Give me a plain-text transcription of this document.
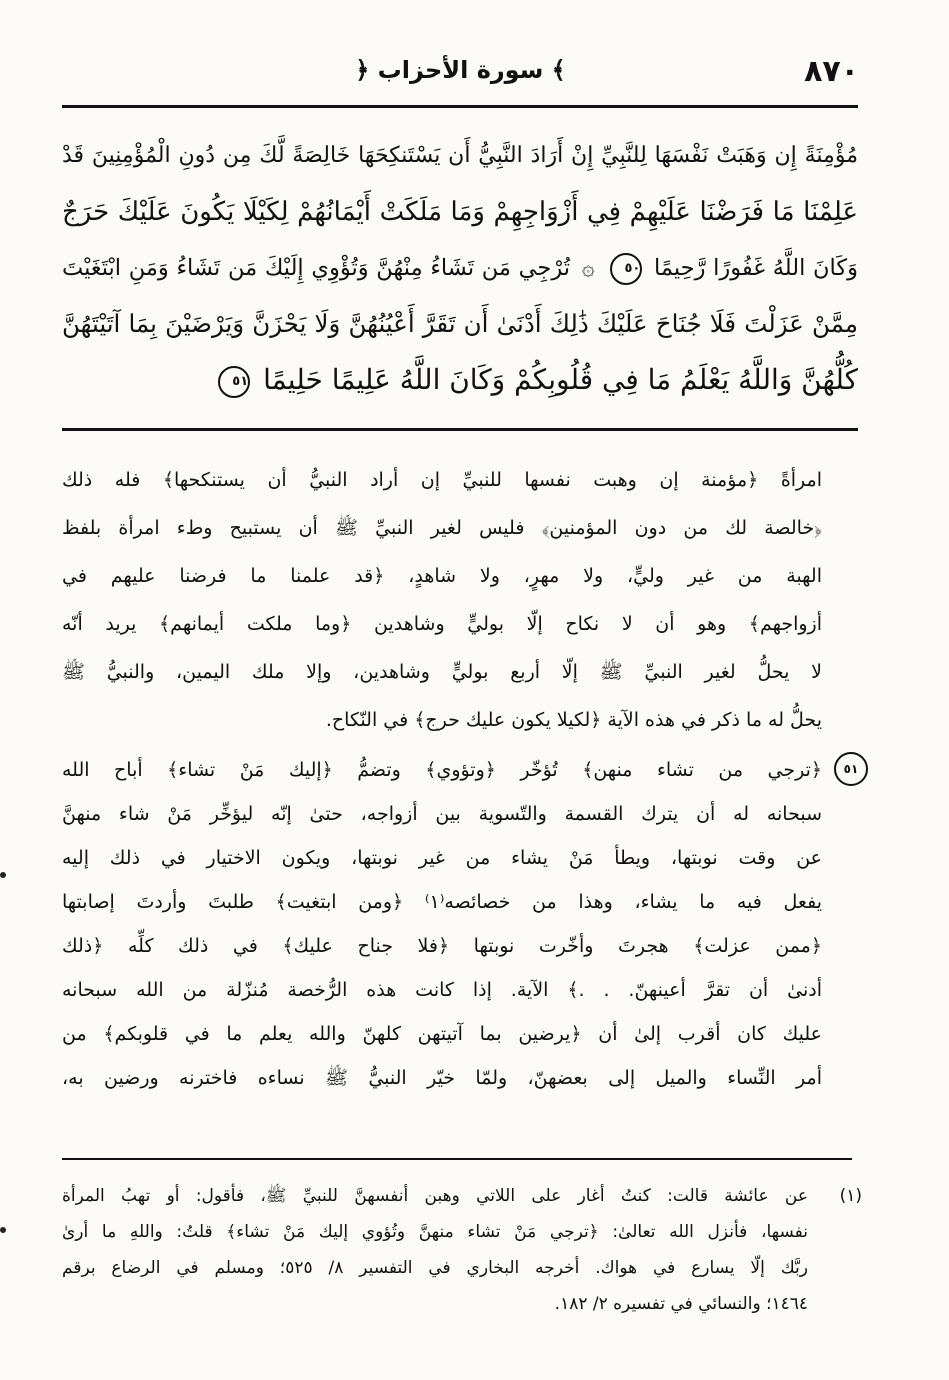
﴿ سورة الأحزاب ﴾	٨٧٠
مُؤْمِنَةً إِن وَهَبَتْ نَفْسَهَا لِلنَّبِيِّ إِنْ أَرَادَ النَّبِيُّ أَن يَسْتَنكِحَهَا خَالِصَةً لَّكَ مِن دُونِ الْمُؤْمِنِينَ قَدْ
عَلِمْنَا مَا فَرَضْنَا عَلَيْهِمْ فِي أَزْوَاجِهِمْ وَمَا مَلَكَتْ أَيْمَانُهُمْ لِكَيْلَا يَكُونَ عَلَيْكَ حَرَجٌ
وَكَانَ اللَّهُ غَفُورًا رَّحِيمًا ٥٠ ۞ تُرْجِي مَن تَشَاءُ مِنْهُنَّ وَتُؤْوِي إِلَيْكَ مَن تَشَاءُ وَمَنِ ابْتَغَيْتَ
مِمَّنْ عَزَلْتَ فَلَا جُنَاحَ عَلَيْكَ ذَٰلِكَ أَدْنَىٰ أَن تَقَرَّ أَعْيُنُهُنَّ وَلَا يَحْزَنَّ وَيَرْضَيْنَ بِمَا آتَيْتَهُنَّ
كُلُّهُنَّ وَاللَّهُ يَعْلَمُ مَا فِي قُلُوبِكُمْ وَكَانَ اللَّهُ عَلِيمًا حَلِيمًا ٥١
امرأةً ﴿مؤمنة إن وهبت نفسها للنبيِّ إن أراد النبيُّ أن يستنكحها﴾ فله ذلك
﴿خالصة لك من دون المؤمنين﴾ فليس لغير النبيِّ ﷺ أن يستبيح وطء امرأة بلفظ
الهبة من غير وليٍّ، ولا مهرٍ، ولا شاهدٍ، ﴿قد علمنا ما فرضنا عليهم في
أزواجهم﴾ وهو أن لا نكاح إلّا بوليٍّ وشاهدين ﴿وما ملكت أيمانهم﴾ يريد أنّه
لا يحلُّ لغير النبيِّ ﷺ إلّا أربع بوليٍّ وشاهدين، وإلا ملك اليمين، والنبيُّ ﷺ
يحلُّ له ما ذكر في هذه الآية ﴿لكيلا يكون عليك حرج﴾ في النّكاح.
٥١
﴿ترجي من تشاء منهن﴾ تُؤخّر ﴿وتؤوي﴾ وتضمُّ ﴿إليك مَنْ تشاء﴾ أباح الله
سبحانه له أن يترك القسمة والتّسوية بين أزواجه، حتىٰ إنّه ليؤخِّر مَنْ شاء منهنَّ
عن وقت نوبتها، ويطأ مَنْ يشاء من غير نوبتها، ويكون الاختيار في ذلك إليه
يفعل فيه ما يشاء، وهذا من خصائصه⁽١⁾ ﴿ومن ابتغيت﴾ طلبتَ وأردتَ إصابتها
﴿ممن عزلت﴾ هجرتَ وأخّرت نوبتها ﴿فلا جناح عليك﴾ في ذلك كلِّه ﴿ذلك
أدنىٰ أن تقرَّ أعينهنّ. . .﴾ الآية. إذا كانت هذه الرُّخصة مُنزّلة من الله سبحانه
عليك كان أقرب إلىٰ أن ﴿يرضين بما آتيتهن كلهنّ والله يعلم ما في قلوبكم﴾ من
أمر النِّساء والميل إلى بعضهنّ، ولمّا خيّر النبيُّ ﷺ نساءه فاخترنه ورضين به،
(١)
عن عائشة قالت: كنتُ أغار على اللاتي وهبن أنفسهنَّ للنبيِّ ﷺ، فأقول: أو تهبُ المرأة
نفسها، فأنزل الله تعالىٰ: ﴿ترجي مَنْ تشاء منهنَّ وتُؤوي إليك مَنْ تشاء﴾ قلتُ: واللهِ ما أرىٰ
ربَّك إلّا يسارع في هواك. أخرجه البخاري في التفسير ٨/ ٥٢٥؛ ومسلم في الرضاع برقم
١٤٦٤؛ والنسائي في تفسيره ٢/ ١٨٢.
